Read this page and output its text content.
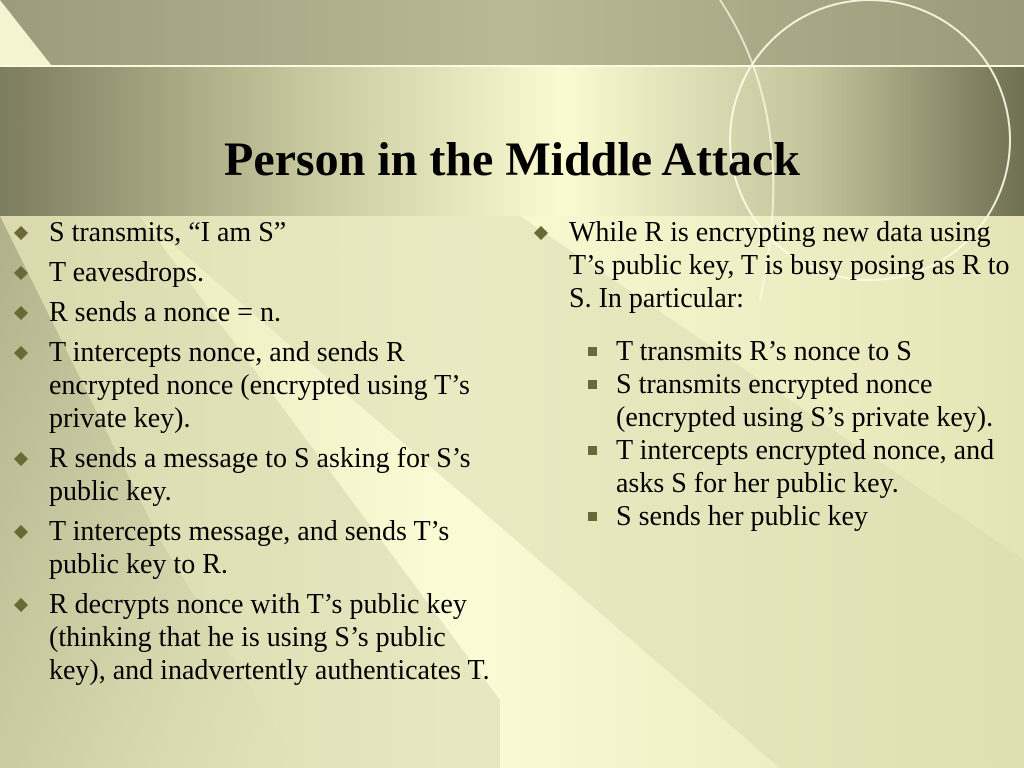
Person in the Middle Attack
S transmits, “I am S”
T eavesdrops.
R sends a nonce = n.
T intercepts nonce, and sends R encrypted nonce (encrypted using T’s private key).
R sends a message to S asking for S’s public key.
T intercepts message, and sends T’s public key to R.
R decrypts nonce with T’s public key (thinking that he is using S’s public key), and inadvertently authenticates T.
While R is encrypting new data using T’s public key, T is busy posing as R to S. In particular:
T transmits R’s nonce to S
S transmits encrypted nonce (encrypted using S’s private key).
T intercepts encrypted nonce, and asks S for her public key.
S sends her public key
